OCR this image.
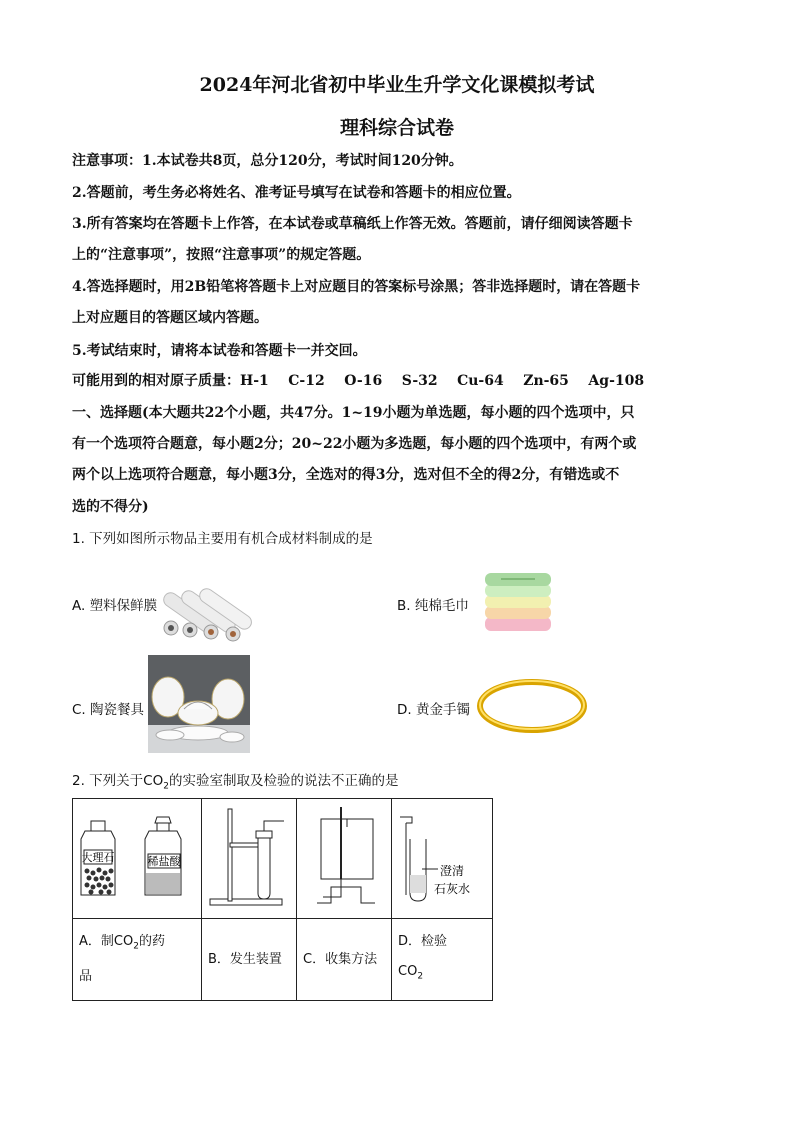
2024年河北省初中毕业生升学文化课模拟考试
理科综合试卷
注意事项：1.本试卷共8页，总分120分，考试时间120分钟。
2.答题前，考生务必将姓名、准考证号填写在试卷和答题卡的相应位置。
3.所有答案均在答题卡上作答，在本试卷或草稿纸上作答无效。答题前，请仔细阅读答题卡
上的“注意事项”，按照“注意事项”的规定答题。
4.答选择题时，用2B铅笔将答题卡上对应题目的答案标号涂黑；答非选择题时，请在答题卡
上对应题目的答题区域内答题。
5.考试结束时，请将本试卷和答题卡一并交回。
可能用到的相对原子质量：H-1    C-12    O-16    S-32    Cu-64    Zn-65    Ag-108
一、选择题(本大题共22个小题，共47分。1~19小题为单选题，每小题的四个选项中，只
有一个选项符合题意，每小题2分；20~22小题为多选题，每小题的四个选项中，有两个或
两个以上选项符合题意，每小题3分，全选对的得3分，选对但不全的得2分，有错选或不
选的不得分)
1. 下列如图所示物品主要用有机合成材料制成的是
A. 塑料保鲜膜	B. 纯棉毛巾
C. 陶瓷餐具	D. 黄金手镯
2. 下列关于$CO_2$的实验室制取及检验的说法不正确的是
大理石 稀盐酸			澄清
石灰水

A．制$CO_2$的药
品	B．发生装置	C．收集方法	D．检验
$CO_2$
